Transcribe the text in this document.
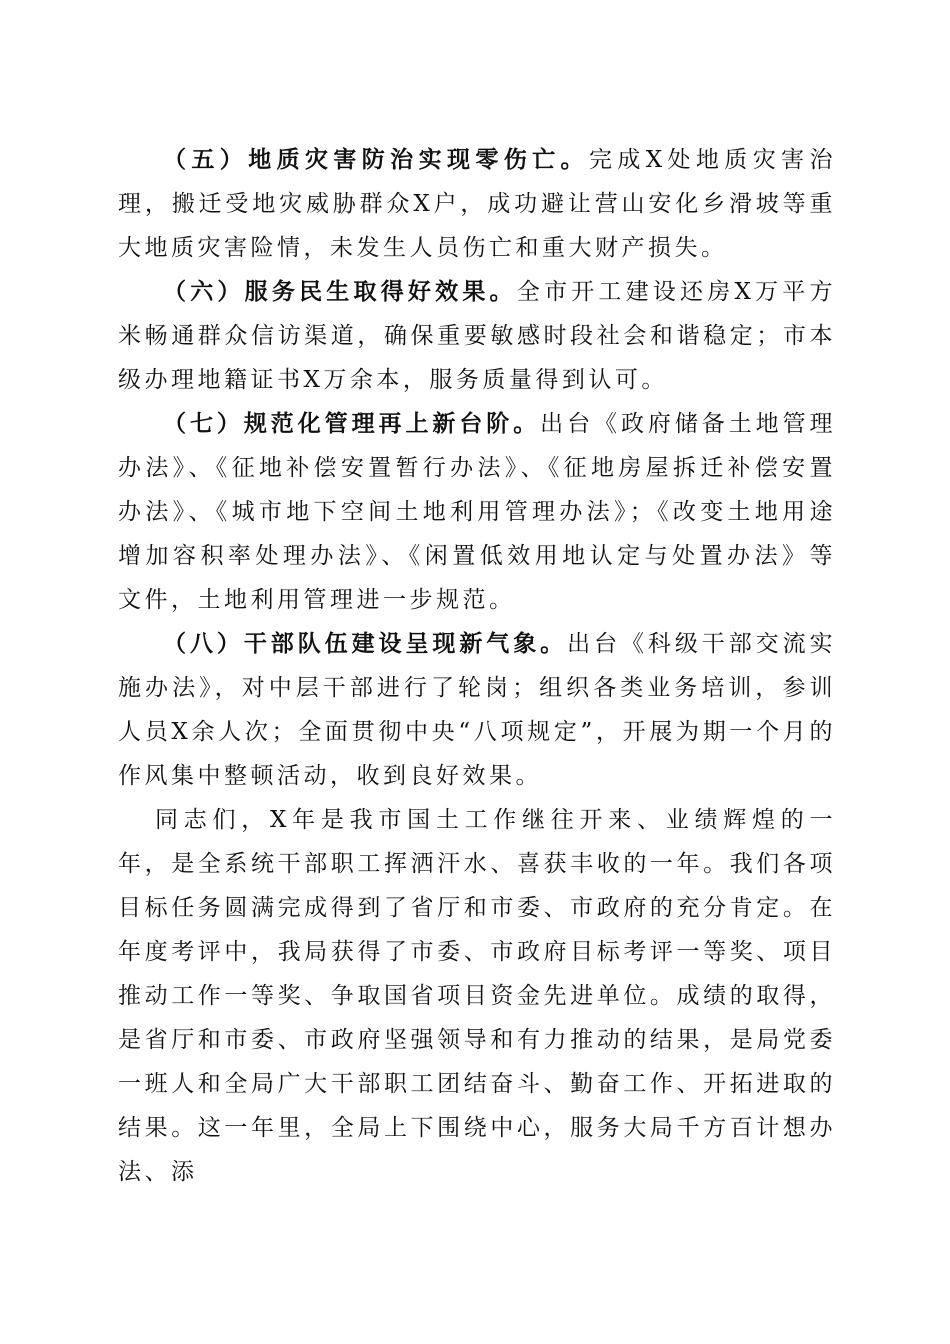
（五）地质灾害防治实现零伤亡。完成X处地质灾害治理，搬迁受地灾威胁群众X户，成功避让营山安化乡滑坡等重大地质灾害险情，未发生人员伤亡和重大财产损失。

（六）服务民生取得好效果。全市开工建设还房X万平方米畅通群众信访渠道，确保重要敏感时段社会和谐稳定；市本级办理地籍证书X万余本，服务质量得到认可。

（七）规范化管理再上新台阶。出台《政府储备土地管理办法》、《征地补偿安置暂行办法》、《征地房屋拆迁补偿安置办法》、《城市地下空间土地利用管理办法》；《改变土地用途增加容积率处理办法》、《闲置低效用地认定与处置办法》等文件，土地利用管理进一步规范。

（八）干部队伍建设呈现新气象。出台《科级干部交流实施办法》，对中层干部进行了轮岗；组织各类业务培训，参训人员X余人次；全面贯彻中央“八项规定”，开展为期一个月的作风集中整顿活动，收到良好效果。

同志们，X年是我市国土工作继往开来、业绩辉煌的一年，是全系统干部职工挥洒汗水、喜获丰收的一年。我们各项目标任务圆满完成得到了省厅和市委、市政府的充分肯定。在年度考评中，我局获得了市委、市政府目标考评一等奖、项目推动工作一等奖、争取国省项目资金先进单位。成绩的取得，是省厅和市委、市政府坚强领导和有力推动的结果，是局党委一班人和全局广大干部职工团结奋斗、勤奋工作、开拓进取的结果。这一年里，全局上下围绕中心，服务大局千方百计想办法、添
